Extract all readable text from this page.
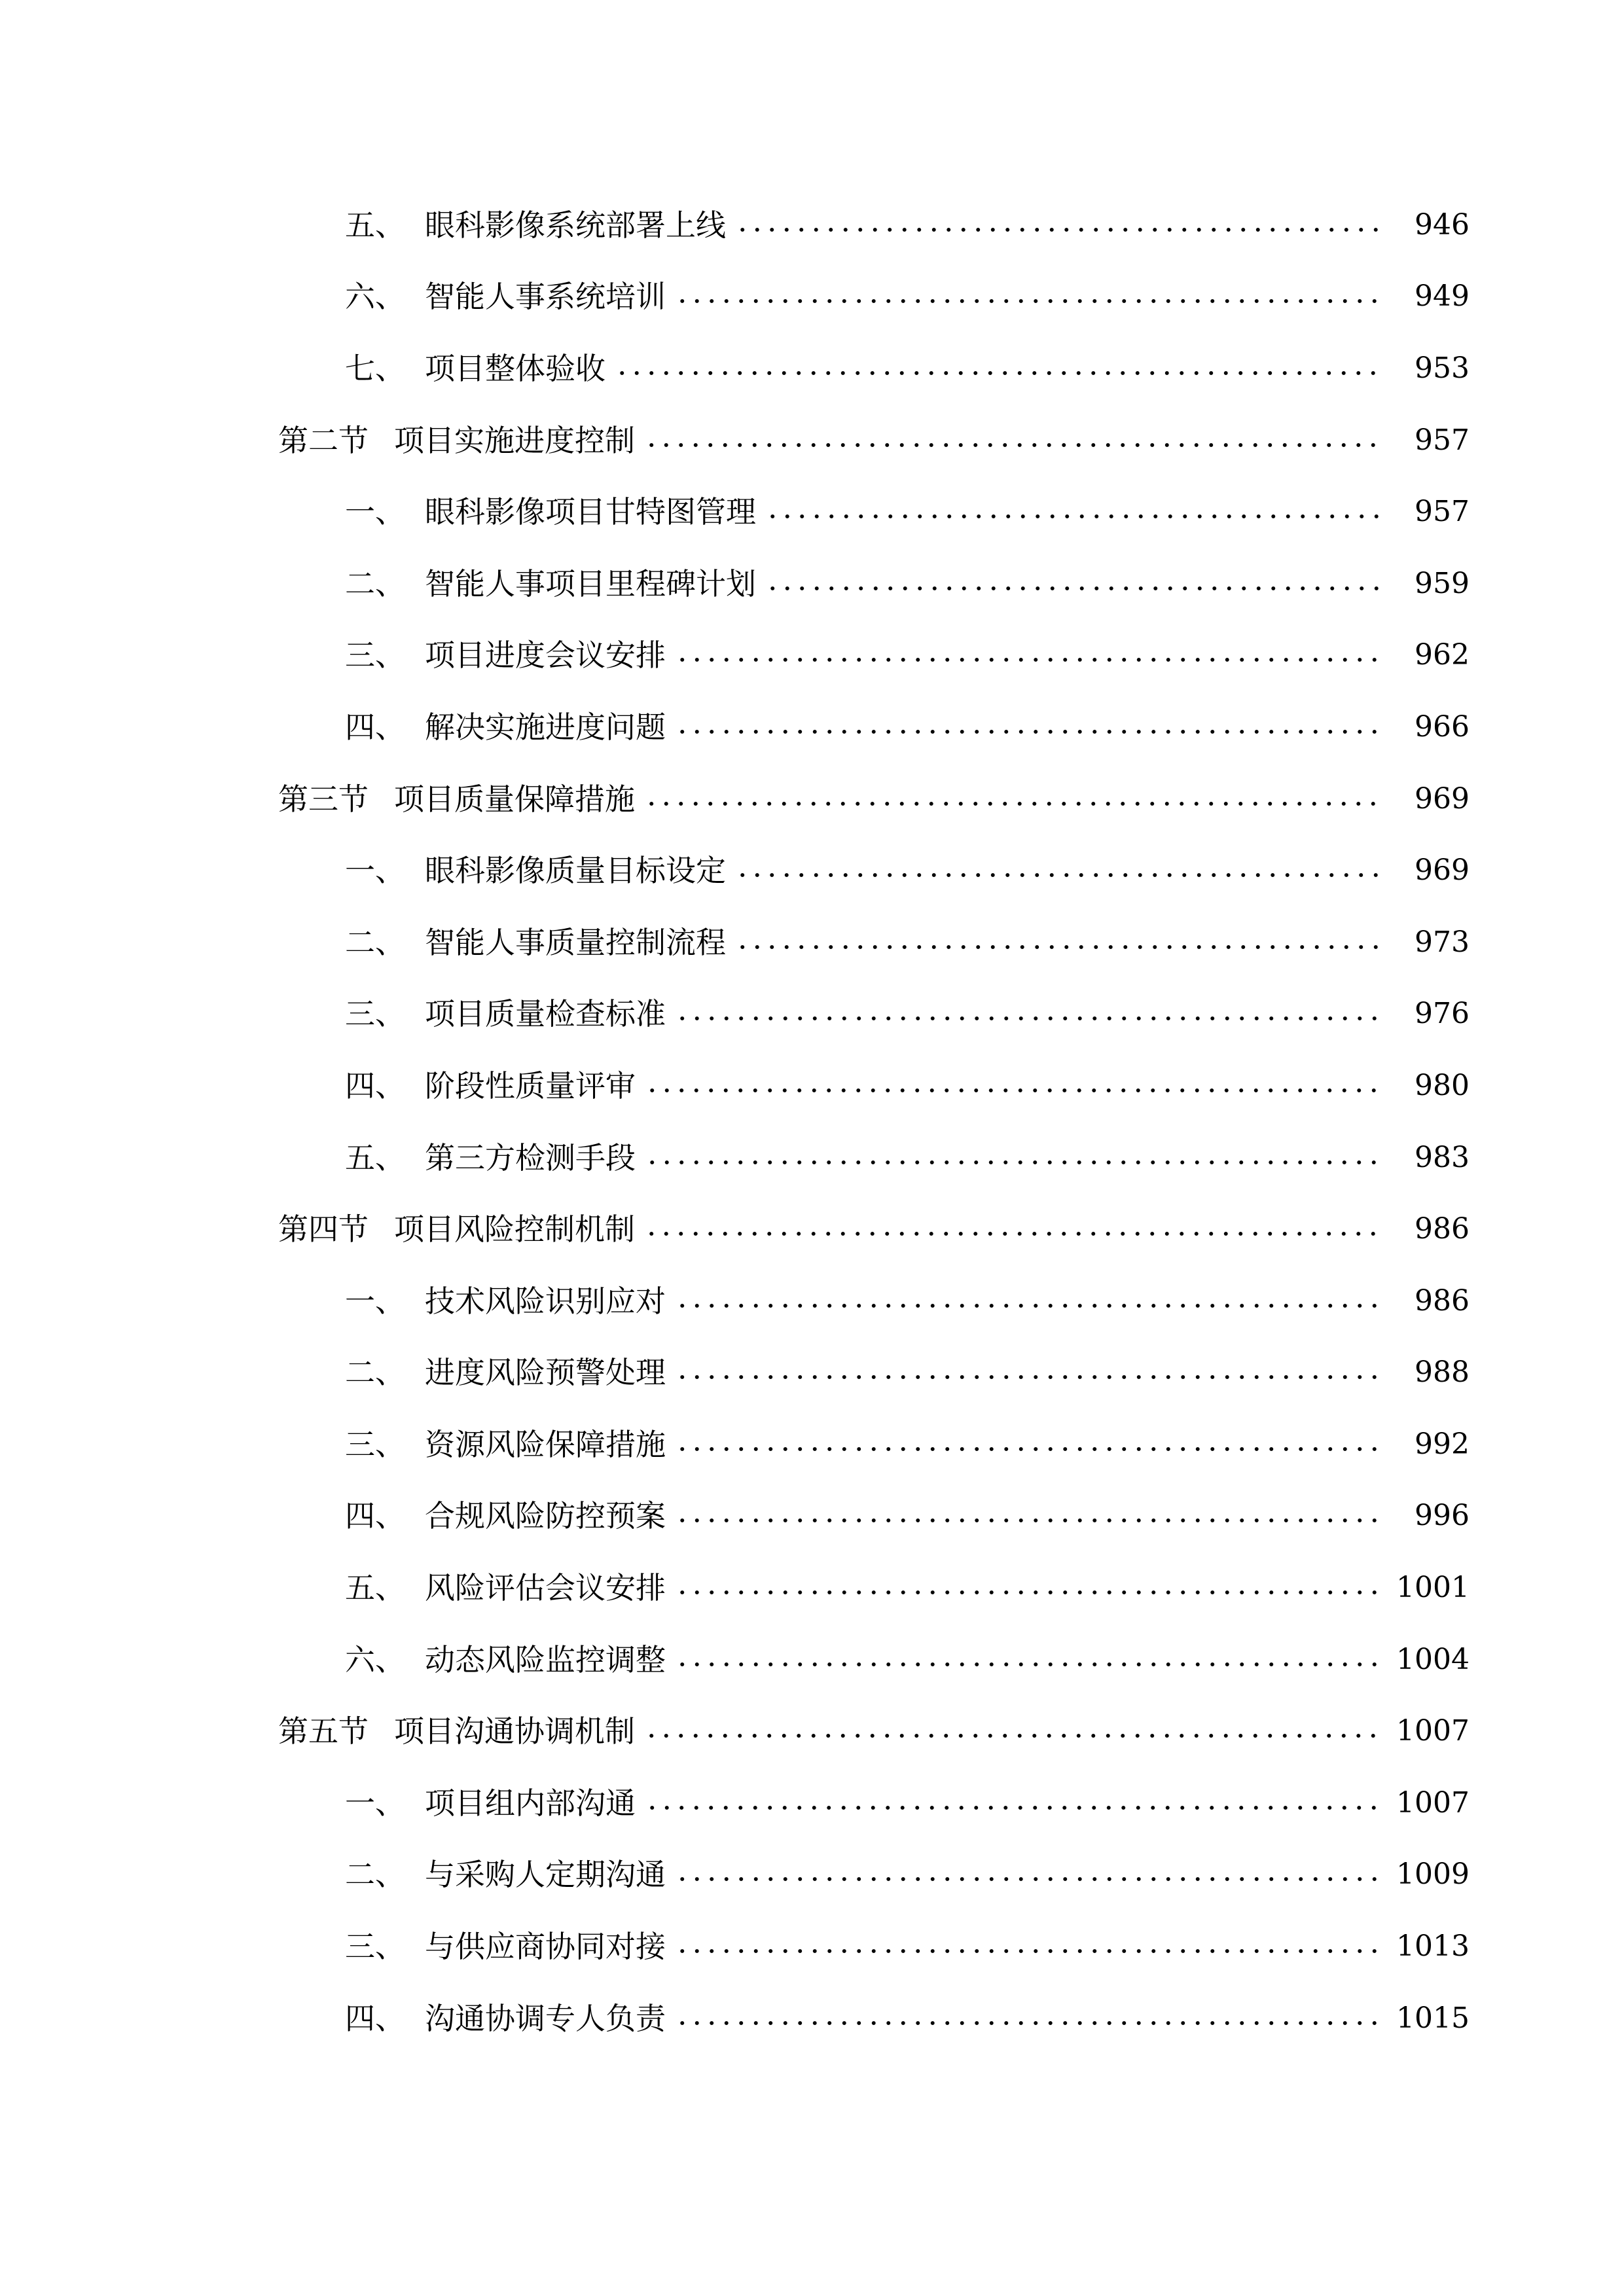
五、 眼科影像系统部署上线	946
六、 智能人事系统培训	949
七、 项目整体验收	953
第二节 项目实施进度控制	957
一、 眼科影像项目甘特图管理	957
二、 智能人事项目里程碑计划	959
三、 项目进度会议安排	962
四、 解决实施进度问题	966
第三节 项目质量保障措施	969
一、 眼科影像质量目标设定	969
二、 智能人事质量控制流程	973
三、 项目质量检查标准	976
四、 阶段性质量评审	980
五、 第三方检测手段	983
第四节 项目风险控制机制	986
一、 技术风险识别应对	986
二、 进度风险预警处理	988
三、 资源风险保障措施	992
四、 合规风险防控预案	996
五、 风险评估会议安排	1001
六、 动态风险监控调整	1004
第五节 项目沟通协调机制	1007
一、 项目组内部沟通	1007
二、 与采购人定期沟通	1009
三、 与供应商协同对接	1013
四、 沟通协调专人负责	1015
